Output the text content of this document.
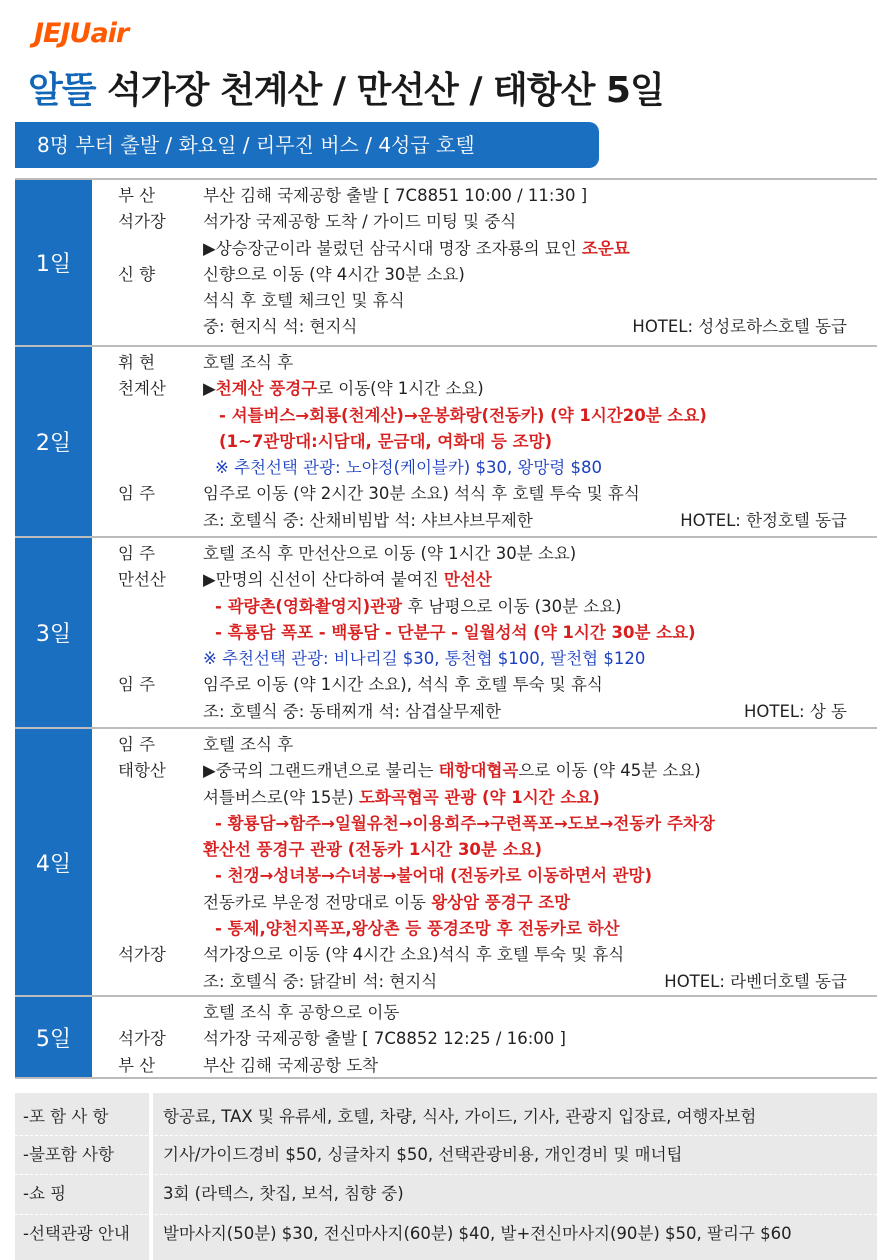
JEJUair
알뜰 석가장 천계산 / 만선산 / 태항산 5일
8명 부터 출발 / 화요일 / 리무진 버스 / 4성급 호텔
1일
부 산	부산 김해 국제공항 출발 [ 7C8851 10:00 / 11:30 ]
석가장	석가장 국제공항 도착 / 가이드 미팅 및 중식
▶상승장군이라 불렀던 삼국시대 명장 조자룡의 묘인 조운묘
신 향	신향으로 이동 (약 4시간 30분 소요)
석식 후 호텔 체크인 및 휴식
중: 현지식 석: 현지식	HOTEL: 성성로하스호텔 동급
2일
휘 현	호텔 조식 후
천계산	▶천계산 풍경구로 이동(약 1시간 소요)
- 셔틀버스→회룡(천계산)→운봉화랑(전동카) (약 1시간20분 소요)
(1~7관망대:시담대, 문금대, 여화대 등 조망)
※ 추천선택 관광: 노야정(케이블카) $30, 왕망령 $80
임 주	임주로 이동 (약 2시간 30분 소요) 석식 후 호텔 투숙 및 휴식
조: 호텔식 중: 산채비빔밥 석: 샤브샤브무제한	HOTEL: 한정호텔 동급
3일
임 주	호텔 조식 후 만선산으로 이동 (약 1시간 30분 소요)
만선산	▶만명의 신선이 산다하여 붙여진 만선산
- 곽량촌(영화촬영지)관광 후 남평으로 이동 (30분 소요)
- 흑룡담 폭포 - 백룡담 - 단분구 - 일월성석 (약 1시간 30분 소요)
※ 추천선택 관광: 비나리길 $30, 통천협 $100, 팔천협 $120
임 주	임주로 이동 (약 1시간 소요), 석식 후 호텔 투숙 및 휴식
조: 호텔식 중: 동태찌개 석: 삼겹살무제한	HOTEL: 상 동
4일
임 주	호텔 조식 후
태항산	▶중국의 그랜드캐년으로 불리는 태항대협곡으로 이동 (약 45분 소요)
셔틀버스로(약 15분) 도화곡협곡 관광 (약 1시간 소요)
- 황룡담→함주→일월유천→이용희주→구련폭포→도보→전동카 주차장
환산선 풍경구 관광 (전동카 1시간 30분 소요)
- 천갱→성녀봉→수녀봉→불어대 (전동카로 이동하면서 관망)
전동카로 부운정 전망대로 이동 왕상암 풍경구 조망
- 통제,양천지폭포,왕상촌 등 풍경조망 후 전동카로 하산
석가장	석가장으로 이동 (약 4시간 소요)석식 후 호텔 투숙 및 휴식
조: 호텔식 중: 닭갈비 석: 현지식	HOTEL: 라벤더호텔 동급
5일
호텔 조식 후 공항으로 이동
석가장	석가장 국제공항 출발 [ 7C8852 12:25 / 16:00 ]
부 산	부산 김해 국제공항 도착
-포 함 사 항	항공료, TAX 및 유류세, 호텔, 차량, 식사, 가이드, 기사, 관광지 입장료, 여행자보험
-불포함 사항	기사/가이드경비 $50, 싱글차지 $50, 선택관광비용, 개인경비 및 매너팁
-쇼 핑	3회 (라텍스, 찻집, 보석, 침향 중)
-선택관광 안내	발마사지(50분) $30, 전신마사지(60분) $40, 발+전신마사지(90분) $50, 팔리구 $60
